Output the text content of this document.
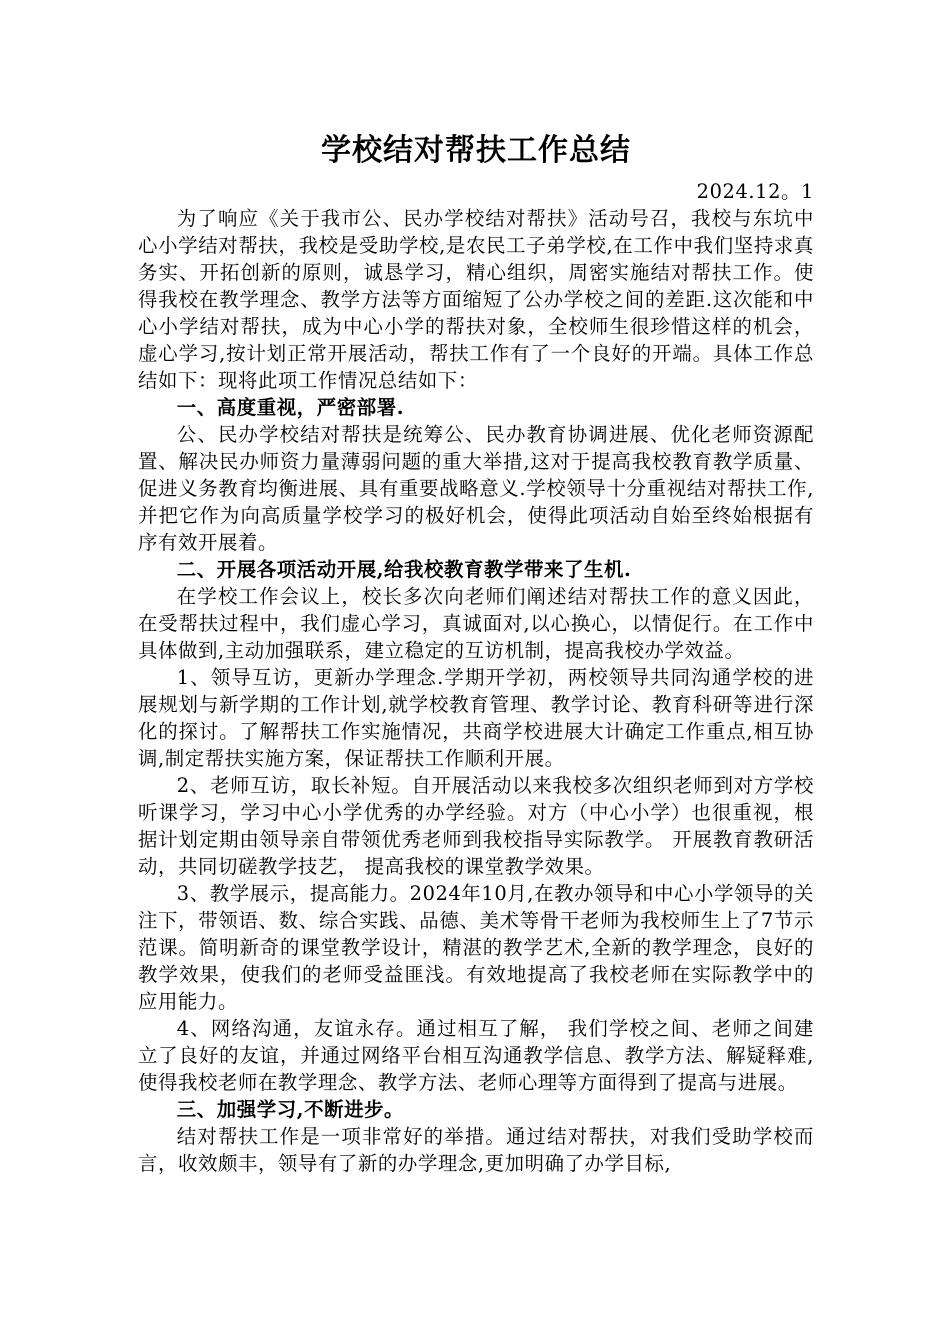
学校结对帮扶工作总结
2024.12。1

为了响应《关于我市公、民办学校结对帮扶》活动号召，我校与东坑中心小学结对帮扶，我校是受助学校,是农民工子弟学校,在工作中我们坚持求真务实、开拓创新的原则，诚恳学习，精心组织，周密实施结对帮扶工作。使得我校在教学理念、教学方法等方面缩短了公办学校之间的差距.这次能和中心小学结对帮扶，成为中心小学的帮扶对象，全校师生很珍惜这样的机会，虚心学习,按计划正常开展活动，帮扶工作有了一个良好的开端。具体工作总结如下：现将此项工作情况总结如下：

一、高度重视，严密部署.

公、民办学校结对帮扶是统筹公、民办教育协调进展、优化老师资源配置、解决民办师资力量薄弱问题的重大举措,这对于提高我校教育教学质量、促进义务教育均衡进展、具有重要战略意义.学校领导十分重视结对帮扶工作,并把它作为向高质量学校学习的极好机会，使得此项活动自始至终始根据有序有效开展着。

二、开展各项活动开展,给我校教育教学带来了生机.

在学校工作会议上，校长多次向老师们阐述结对帮扶工作的意义因此，在受帮扶过程中，我们虚心学习，真诚面对,以心换心，以情促行。在工作中具体做到,主动加强联系，建立稳定的互访机制，提高我校办学效益。

1、领导互访，更新办学理念.学期开学初，两校领导共同沟通学校的进展规划与新学期的工作计划,就学校教育管理、教学讨论、教育科研等进行深化的探讨。了解帮扶工作实施情况，共商学校进展大计确定工作重点,相互协调,制定帮扶实施方案，保证帮扶工作顺利开展。

2、老师互访，取长补短。自开展活动以来我校多次组织老师到对方学校听课学习，学习中心小学优秀的办学经验。对方（中心小学）也很重视，根据计划定期由领导亲自带领优秀老师到我校指导实际教学。 开展教育教研活动，共同切磋教学技艺， 提高我校的课堂教学效果。

3、教学展示，提高能力。2024年10月,在教办领导和中心小学领导的关注下，带领语、数、综合实践、品德、美术等骨干老师为我校师生上了7节示范课。简明新奇的课堂教学设计，精湛的教学艺术,全新的教学理念，良好的教学效果，使我们的老师受益匪浅。有效地提高了我校老师在实际教学中的应用能力。

4、网络沟通，友谊永存。通过相互了解， 我们学校之间、老师之间建立了良好的友谊，并通过网络平台相互沟通教学信息、教学方法、解疑释难,使得我校老师在教学理念、教学方法、老师心理等方面得到了提高与进展。

三、加强学习,不断进步。

结对帮扶工作是一项非常好的举措。通过结对帮扶，对我们受助学校而言，收效颇丰，领导有了新的办学理念,更加明确了办学目标,
